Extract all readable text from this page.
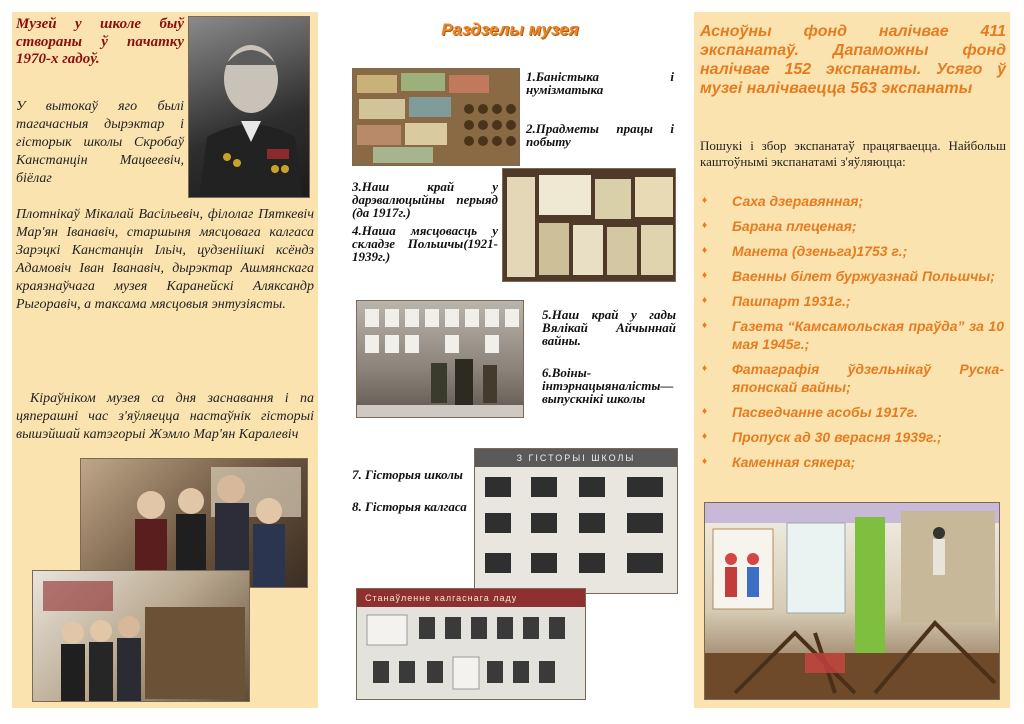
Музей у школе быў створаны ў пачатку 1970-х гадоў.
У вытокаў яго былі тагачасныя дырэктар і гісторык школы Скробаў Канстанцін Мацвеевіч, біёлаг
Плотнікаў Мікалай Васільевіч, філолаг Пяткевіч Мар'ян Іванавіч, старшыня мясцовага калгаса Зарэцкі Канстанцін Ільіч, цудзеніішкі ксёндз Адамовіч Іван Іванавіч, дырэктар Ашмянскага краязнаўчага музея Каранейскі Аляксандр Рыгоравіч, а таксама мясцовыя энтузіясты.
Кіраўніком музея са дня заснавання і па цяперашні час з'яўляецца настаўнік гісторыі вышэйшай катэгорыі Жэмло Мар'ян Каралевіч
Раздзелы музея
1.Баністыка і нумізматыка
2.Прадметы працы і побыту
3.Наш край у дарэвалюцыйны перыяд (да 1917г.)
4.Наша мясцовасць у складзе Польшчы(1921-1939г.)
5.Наш край у гады Вялікай Айчыннай вайны.
6.Воіны-інтэрнацыяналісты—выпускнікі школы
7. Гісторыя школы
8. Гісторыя калгаса
З ГІСТОРЫІ ШКОЛЫ
Станаўленне калгаснага ладу
Асноўны фонд налічвае 411 экспанатаў. Дапаможны фонд налічвае 152 экспанаты. Усяго ў музеі налічваецца 563 экспанаты
Пошукі і збор экспанатаў працягваецца. Найбольш каштоўнымі экспанатамі з'яўляюцца:
♦ Саха дзеравянная;
♦ Барана плеценая;
♦ Манета (дзеньга)1753 г.;
♦ Ваенны білет буржуазнай Польшчы;
♦ Пашпарт 1931г.;
♦ Газета “Камсамольская праўда” за 10 мая 1945г.;
♦ Фатаграфія ўдзельнікаў Руска-японскай вайны;
♦ Пасведчанне асобы 1917г.
♦ Пропуск ад 30 верасня 1939г.;
♦ Каменная сякера;
